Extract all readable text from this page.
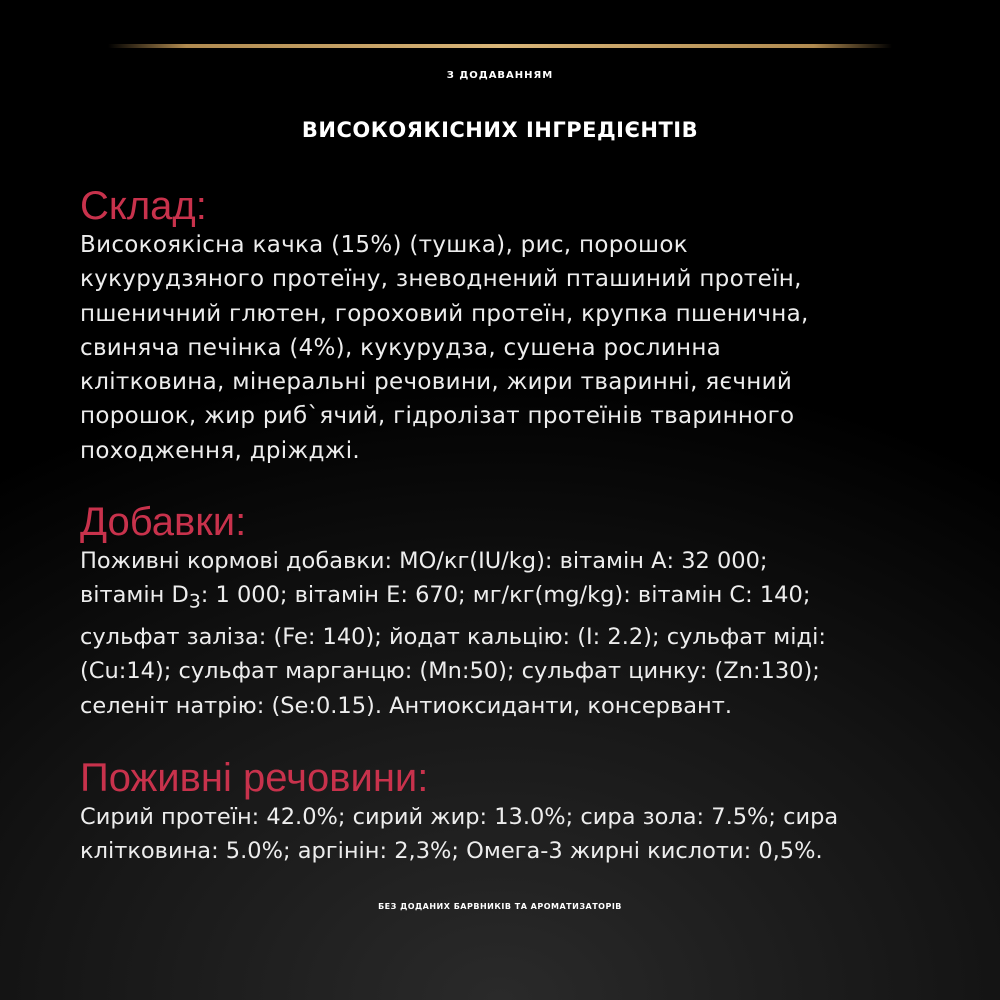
З ДОДАВАННЯМ
ВИСОКОЯКІСНИХ ІНГРЕДІЄНТІВ
Склад:

Високоякісна качка (15%) (тушка), рис, порошок
кукурудзяного протеїну, зневоднений пташиний протеїн,
пшеничний глютен, гороховий протеїн, крупка пшенична,
свиняча печінка (4%), кукурудза, сушена рослинна
клітковина, мінеральні речовини, жири тваринні, яєчний
порошок, жир риб`ячий, гідролізат протеїнів тваринного
походження, дріжджі.

Добавки:

Поживні кормові добавки: МО/кг(IU/kg): вітамін А: 32 000;
вітамін $D_3$: 1 000; вітамін Е: 670; мг/кг(mg/kg): вітамін С: 140;
сульфат заліза: (Fe: 140); йодат кальцію: (I: 2.2); сульфат міді:
(Cu:14); сульфат марганцю: (Mn:50); сульфат цинку: (Zn:130);
селеніт натрію: (Se:0.15). Антиоксиданти, консервант.

Поживні речовини:

Сирий протеїн: 42.0%; сирий жир: 13.0%; сира зола: 7.5%; сира
клітковина: 5.0%; аргінін: 2,3%; Омега-3 жирні кислоти: 0,5%.

БЕЗ ДОДАНИХ БАРВНИКІВ ТА АРОМАТИЗАТОРІВ
